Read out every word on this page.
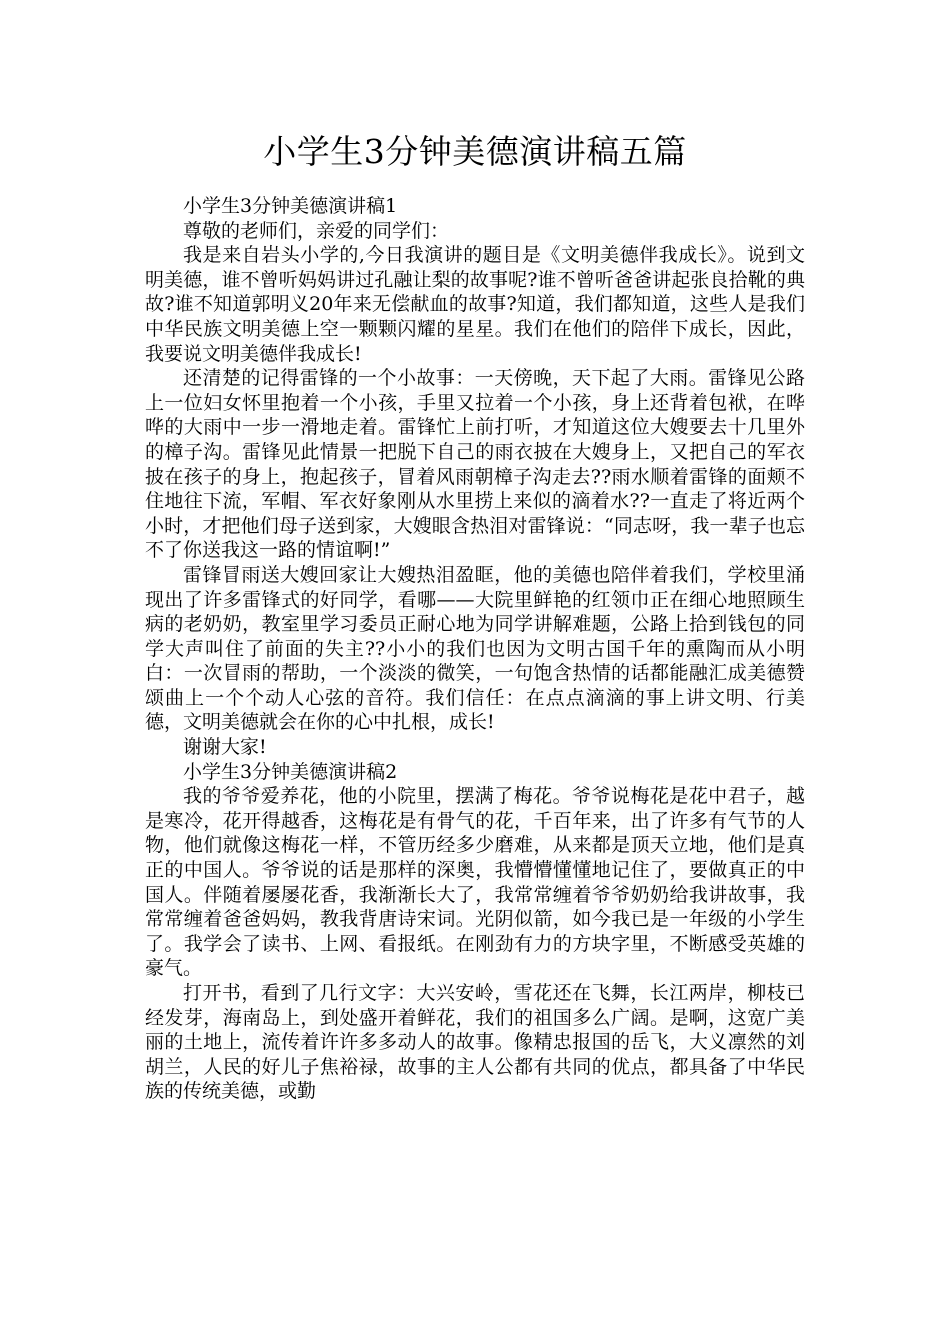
小学生3分钟美德演讲稿五篇

小学生3分钟美德演讲稿1

尊敬的老师们，亲爱的同学们：

我是来自岩头小学的,今日我演讲的题目是《文明美德伴我成长》。说到文明美德，谁不曾听妈妈讲过孔融让梨的故事呢?谁不曾听爸爸讲起张良拾靴的典故?谁不知道郭明义20年来无偿献血的故事?知道，我们都知道，这些人是我们中华民族文明美德上空一颗颗闪耀的星星。我们在他们的陪伴下成长，因此，我要说文明美德伴我成长!

还清楚的记得雷锋的一个小故事：一天傍晚，天下起了大雨。雷锋见公路上一位妇女怀里抱着一个小孩，手里又拉着一个小孩，身上还背着包袱，在哗哗的大雨中一步一滑地走着。雷锋忙上前打听，才知道这位大嫂要去十几里外的樟子沟。雷锋见此情景一把脱下自己的雨衣披在大嫂身上，又把自己的军衣披在孩子的身上，抱起孩子，冒着风雨朝樟子沟走去??雨水顺着雷锋的面颊不住地往下流，军帽、军衣好象刚从水里捞上来似的滴着水??一直走了将近两个小时，才把他们母子送到家，大嫂眼含热泪对雷锋说：“同志呀，我一辈子也忘不了你送我这一路的情谊啊!”

雷锋冒雨送大嫂回家让大嫂热泪盈眶，他的美德也陪伴着我们，学校里涌现出了许多雷锋式的好同学，看哪——大院里鲜艳的红领巾正在细心地照顾生病的老奶奶，教室里学习委员正耐心地为同学讲解难题，公路上拾到钱包的同学大声叫住了前面的失主??小小的我们也因为文明古国千年的熏陶而从小明白：一次冒雨的帮助，一个淡淡的微笑，一句饱含热情的话都能融汇成美德赞颂曲上一个个动人心弦的音符。我们信任：在点点滴滴的事上讲文明、行美德，文明美德就会在你的心中扎根，成长!

谢谢大家!

小学生3分钟美德演讲稿2

我的爷爷爱养花，他的小院里，摆满了梅花。爷爷说梅花是花中君子，越是寒冷，花开得越香，这梅花是有骨气的花，千百年来，出了许多有气节的人物，他们就像这梅花一样，不管历经多少磨难，从来都是顶天立地，他们是真正的中国人。爷爷说的话是那样的深奥，我懵懵懂懂地记住了，要做真正的中国人。伴随着屡屡花香，我渐渐长大了，我常常缠着爷爷奶奶给我讲故事，我常常缠着爸爸妈妈，教我背唐诗宋词。光阴似箭，如今我已是一年级的小学生了。我学会了读书、上网、看报纸。在刚劲有力的方块字里，不断感受英雄的豪气。

打开书，看到了几行文字：大兴安岭，雪花还在飞舞，长江两岸，柳枝已经发芽，海南岛上，到处盛开着鲜花，我们的祖国多么广阔。是啊，这宽广美丽的土地上，流传着许许多多动人的故事。像精忠报国的岳飞，大义凛然的刘胡兰，人民的好儿子焦裕禄，故事的主人公都有共同的优点，都具备了中华民族的传统美德，或勤
